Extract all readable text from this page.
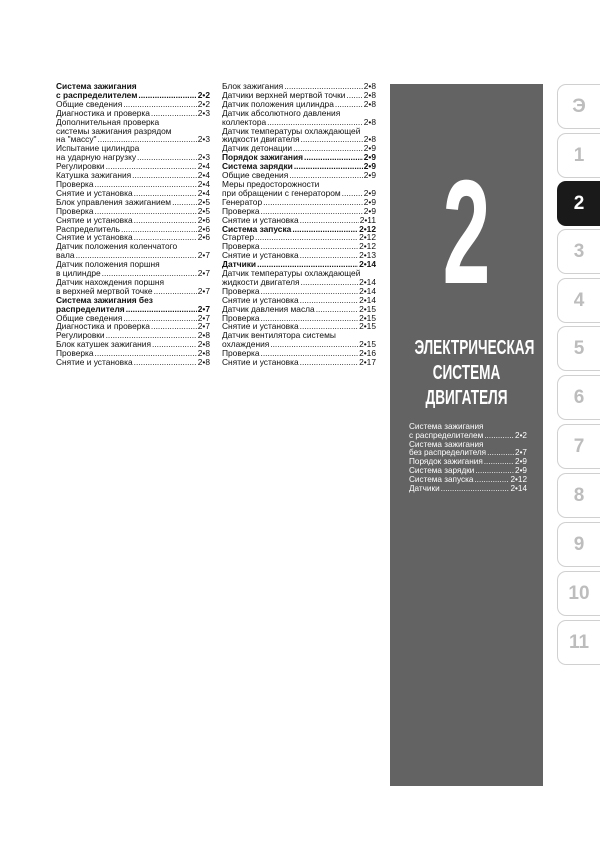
Система зажигания
с распределителем .....	2•2
Общие сведения .....	2•2
Диагностика и проверка .....	2•3
Дополнительная проверка
системы зажигания разрядом
на "массу" .....	2•3
Испытание цилиндра
на ударную нагрузку .....	2•3
Регулировки .....	2•4
Катушка зажигания .....	2•4
Проверка .....	2•4
Снятие и установка .....	2•4
Блок управления зажиганием .....	2•5
Проверка .....	2•5
Снятие и установка .....	2•6
Распределитель .....	2•6
Снятие и установка .....	2•6
Датчик положения коленчатого
вала .....	2•7
Датчик положения поршня
в цилиндре .....	2•7
Датчик нахождения поршня
в верхней мертвой точке .....	2•7
Система зажигания без
распределителя .....	2•7
Общие сведения .....	2•7
Диагностика и проверка .....	2•7
Регулировки .....	2•8
Блок катушек зажигания .....	2•8
Проверка .....	2•8
Снятие и установка .....	2•8
Блок зажигания .....	2•8
Датчики верхней мертвой точки ..... 2•8
Датчик положения цилиндра .....	2•8
Датчик абсолютного давления
коллектора .....	2•8
Датчик температуры охлаждающей
жидкости двигателя .....	2•8
Датчик детонации .....	2•9
Порядок зажигания .....	2•9
Система зарядки .....	2•9
Общие сведения .....	2•9
Меры предосторожности
при обращении с генератором .....	2•9
Генератор .....	2•9
Проверка .....	2•9
Снятие и установка .....	2•11
Система запуска .....	2•12
Стартер .....	2•12
Проверка .....	2•12
Снятие и установка .....	2•13
Датчики .....	2•14
Датчик температуры охлаждающей
жидкости двигателя .....	2•14
Проверка .....	2•14
Снятие и установка .....	2•14
Датчик давления масла .....	2•15
Проверка .....	2•15
Снятие и установка .....	2•15
Датчик вентилятора системы
охлаждения .....	2•15
Проверка .....	2•16
Снятие и установка .....	2•17
2
ЭЛЕКТРИЧЕСКАЯ
СИСТЕМА
ДВИГАТЕЛЯ
Система зажигания
с распределителем .....	2•2
Система зажигания
без распределителя .....	2•7
Порядок зажигания .....	2•9
Система зарядки .....	2•9
Система запуска .....	2•12
Датчики .....	2•14
Э
1
2
3
4
5
6
7
8
9
10
11
